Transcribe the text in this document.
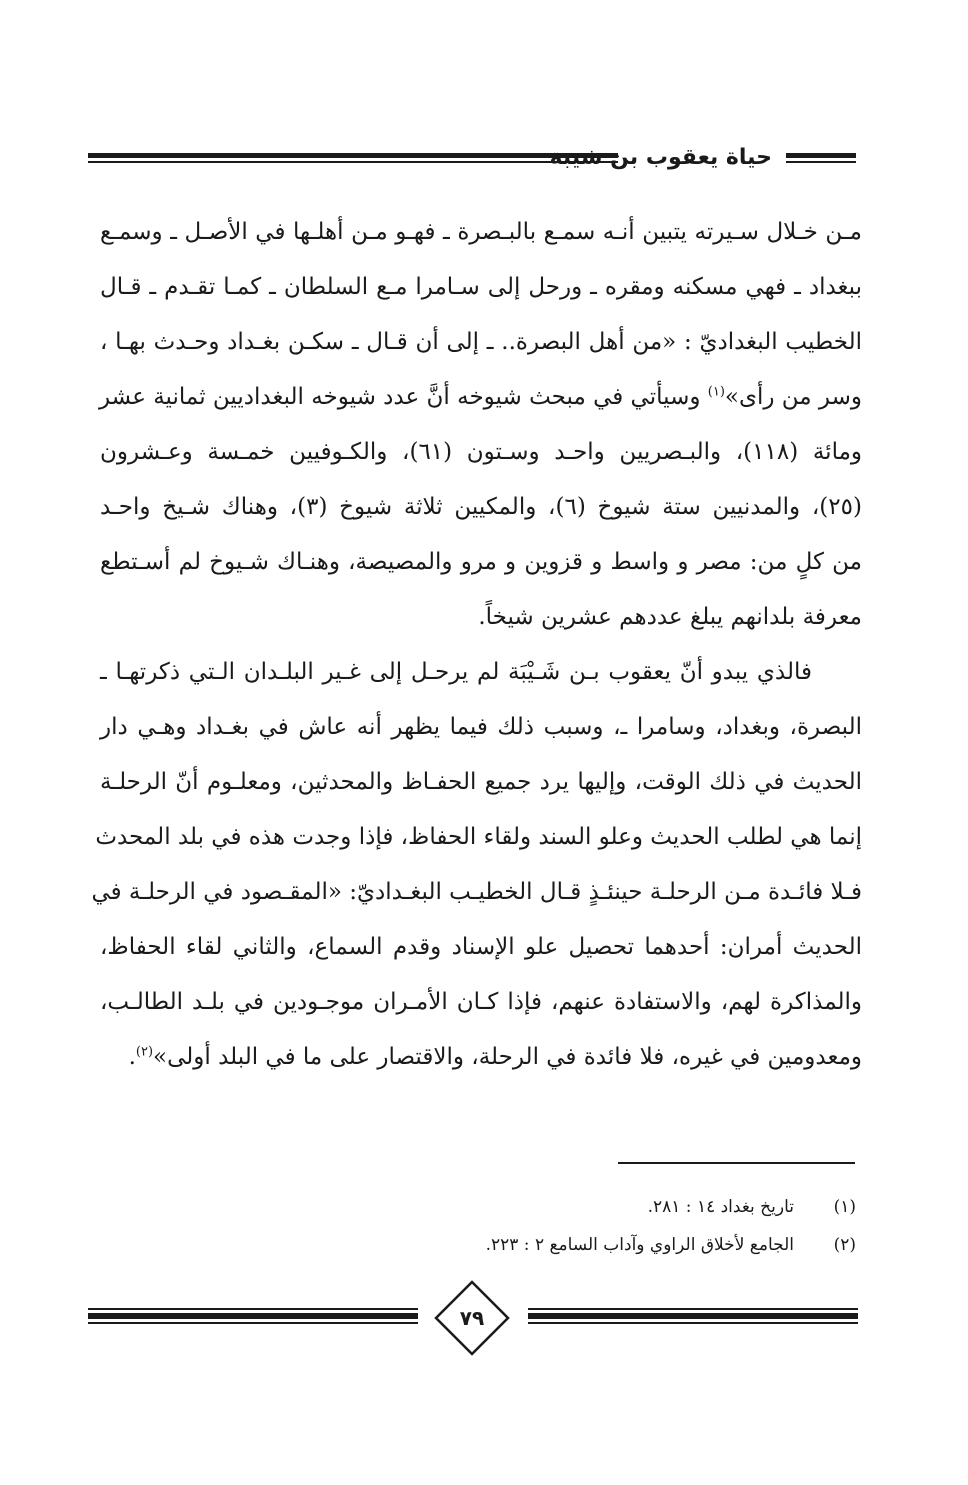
حياة يعقوب بن شيبة
مـن خـلال سـيرته يتبين أنـه سمـع بالبـصرة ـ فهـو مـن أهلـها في الأصـل ـ وسمـع
ببغداد ـ فهي مسكنه ومقره ـ ورحل إلى سـامرا مـع السلطان ـ كمـا تقـدم ـ قـال
الخطيب البغداديّ : «من أهل البصرة.. ـ إلى أن قـال ـ سكـن بغـداد وحـدث بهـا ،
وسر من رأى»$^{(١)}$ وسيأتي في مبحث شيوخه أنَّ عدد شيوخه البغداديين ثمانية عشر
ومائة (١١٨)، والبـصريين واحـد وسـتون (٦١)، والكـوفيين خمـسة وعـشرون
(٢٥)، والمدنيين ستة شيوخ (٦)، والمكيين ثلاثة شيوخ (٣)، وهناك شـيخ واحـد
من كلٍ من: مصر و واسط و قزوين و مرو والمصيصة، وهنـاك شـيوخ لم أسـتطع
معرفة بلدانهم يبلغ عددهم عشرين شيخاً.
فالذي يبدو أنّ يعقوب بـن شَـيْبَة لم يرحـل إلى غـير البلـدان الـتي ذكرتهـا ـ
البصرة، وبغداد، وسامرا ـ، وسبب ذلك فيما يظهر أنه عاش في بغـداد وهـي دار
الحديث في ذلك الوقت، وإليها يرد جميع الحفـاظ والمحدثين، ومعلـوم أنّ الرحلـة
إنما هي لطلب الحديث وعلو السند ولقاء الحفاظ، فإذا وجدت هذه في بلد المحدث
فـلا فائـدة مـن الرحلـة حينئـذٍ قـال الخطيـب البغـداديّ: «المقـصود في الرحلـة في
الحديث أمران: أحدهما تحصيل علو الإسناد وقدم السماع، والثاني لقاء الحفاظ،
والمذاكرة لهم، والاستفادة عنهم، فإذا كـان الأمـران موجـودين في بلـد الطالـب،
ومعدومين في غيره، فلا فائدة في الرحلة، والاقتصار على ما في البلد أولى»$^{(٢)}$.
(١)تاريخ بغداد ١٤ : ٢٨١.
(٢)الجامع لأخلاق الراوي وآداب السامع ٢ : ٢٢٣.
٧٩
